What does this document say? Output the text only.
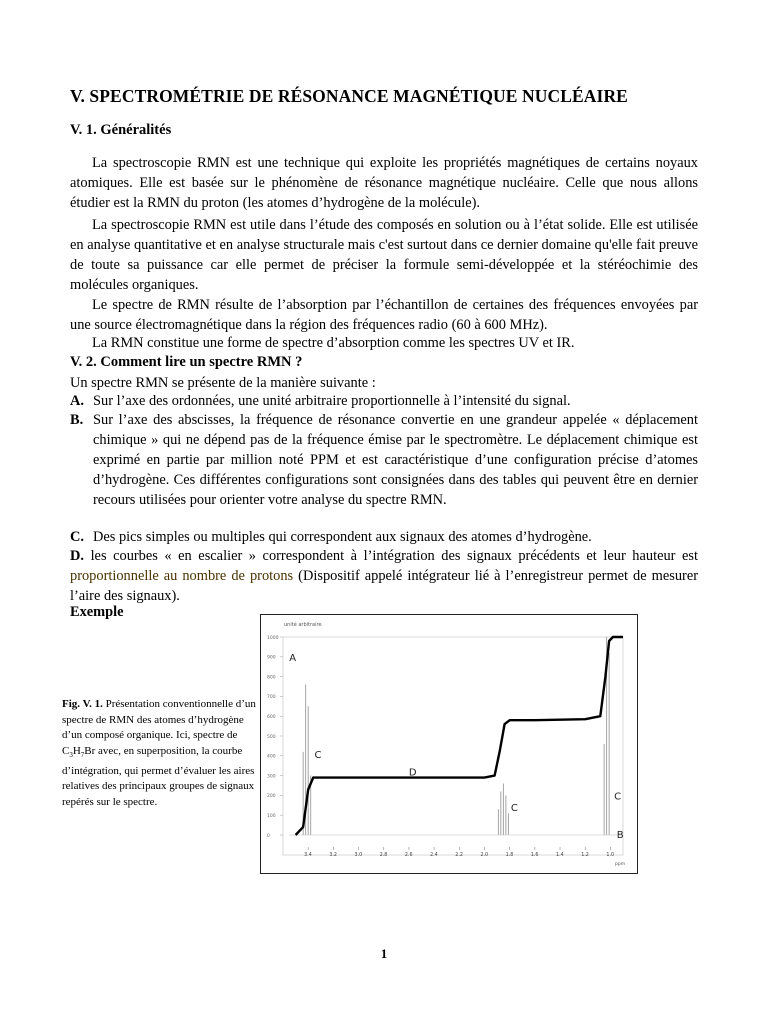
V. SPECTROMÉTRIE DE RÉSONANCE MAGNÉTIQUE NUCLÉAIRE
V. 1. Généralités
La spectroscopie RMN est une technique qui exploite les propriétés magnétiques de certains noyaux atomiques. Elle est basée sur le phénomène de résonance magnétique nucléaire. Celle que nous allons étudier est la RMN du proton (les atomes d’hydrogène de la molécule).
La spectroscopie RMN est utile dans l’étude des composés en solution ou à l’état solide. Elle est utilisée en analyse quantitative et en analyse structurale mais c'est surtout dans ce dernier domaine qu'elle fait preuve de toute sa puissance car elle permet de préciser la formule semi-développée et la stéréochimie des molécules organiques.
Le spectre de RMN résulte de l’absorption par l’échantillon de certaines des fréquences envoyées par une source électromagnétique dans la région des fréquences radio (60 à 600 MHz).
La RMN constitue une forme de spectre d’absorption comme les spectres UV et IR.
V. 2. Comment lire un spectre RMN ?
Un spectre RMN se présente de la manière suivante :
A. Sur l’axe des ordonnées, une unité arbitraire proportionnelle à l’intensité du signal.
B. Sur l’axe des abscisses, la fréquence de résonance convertie en une grandeur appelée « déplacement chimique » qui ne dépend pas de la fréquence émise par le spectromètre. Le déplacement chimique est exprimé en partie par million noté PPM et est caractéristique d’une configuration précise d’atomes d’hydrogène. Ces différentes configurations sont consignées dans des tables qui peuvent être en dernier recours utilisées pour orienter votre analyse du spectre RMN.
C. Des pics simples ou multiples qui correspondent aux signaux des atomes d’hydrogène.
D. les courbes « en escalier » correspondent à l’intégration des signaux précédents et leur hauteur est proportionnelle au nombre de protons (Dispositif appelé intégrateur lié à l’enregistreur permet de mesurer l’aire des signaux).
Exemple
Fig. V. 1. Présentation conventionnelle d’un spectre de RMN des atomes d’hydrogène d’un composé organique. Ici, spectre de $C_3H_7Br$ avec, en superposition, la courbe d’intégration, qui permet d’évaluer les aires relatives des principaux groupes de signaux repérés sur le spectre.
unité arbitraire
ppm
1000
900
800
700
600
500
400
300
200
100
0
3.4	3.2	3.0	2.8	2.6	2.4	2.2	2.0	1.8	1.6	1.4	1.2	1.0
A
B
C
C
C
D
1
